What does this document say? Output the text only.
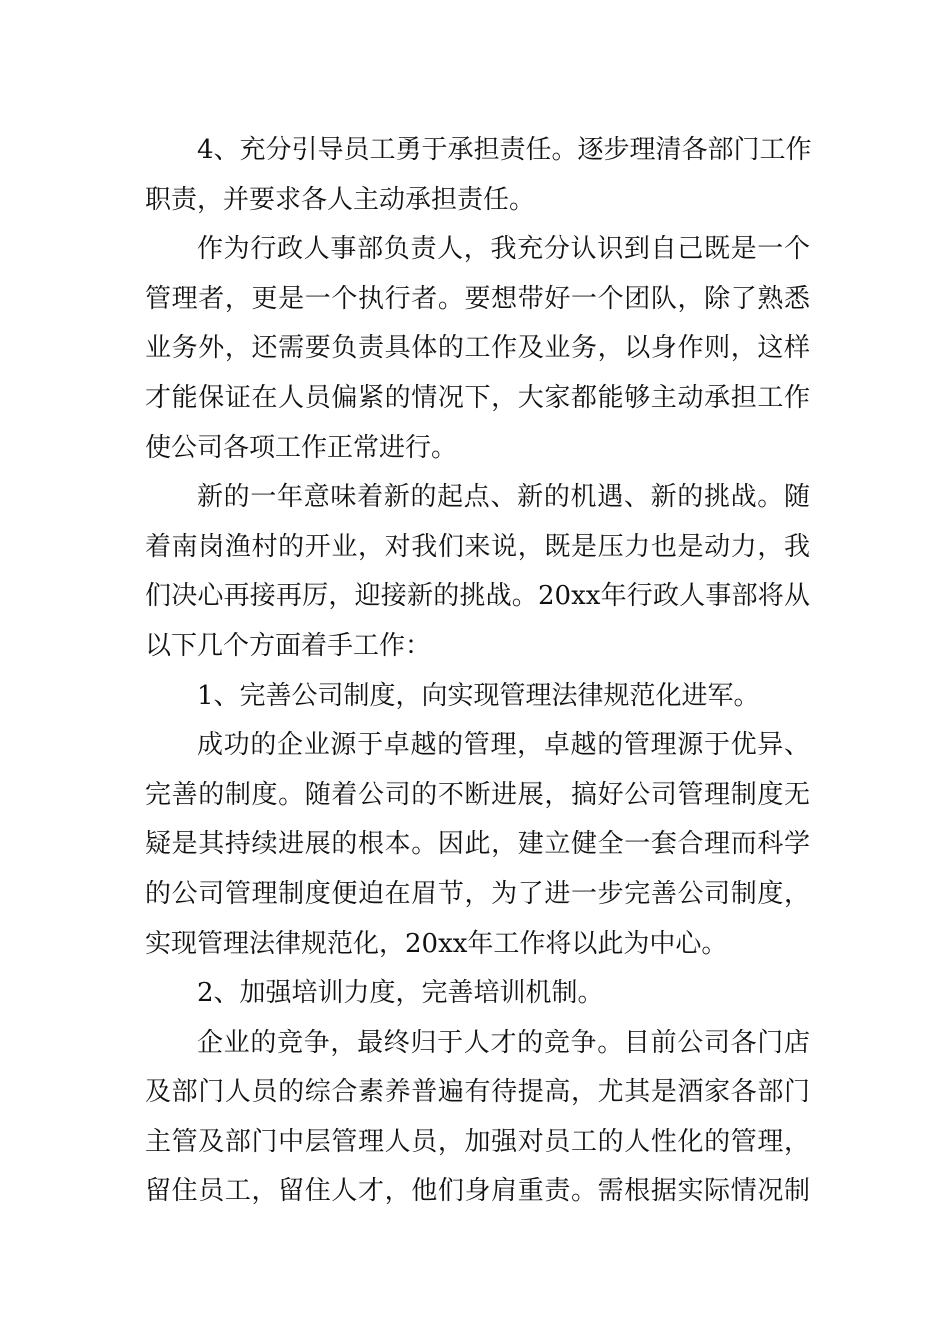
4、充分引导员工勇于承担责任。逐步理清各部门工作
职责，并要求各人主动承担责任。
作为行政人事部负责人，我充分认识到自己既是一个
管理者，更是一个执行者。要想带好一个团队，除了熟悉
业务外，还需要负责具体的工作及业务，以身作则，这样
才能保证在人员偏紧的情况下，大家都能够主动承担工作
使公司各项工作正常进行。
新的一年意味着新的起点、新的机遇、新的挑战。随
着南岗渔村的开业，对我们来说，既是压力也是动力，我
们决心再接再厉，迎接新的挑战。20xx年行政人事部将从
以下几个方面着手工作：
1、完善公司制度，向实现管理法律规范化进军。
成功的企业源于卓越的管理，卓越的管理源于优异、
完善的制度。随着公司的不断进展，搞好公司管理制度无
疑是其持续进展的根本。因此，建立健全一套合理而科学
的公司管理制度便迫在眉节，为了进一步完善公司制度，
实现管理法律规范化，20xx年工作将以此为中心。
2、加强培训力度，完善培训机制。
企业的竞争，最终归于人才的竞争。目前公司各门店
及部门人员的综合素养普遍有待提高，尤其是酒家各部门
主管及部门中层管理人员，加强对员工的人性化的管理，
留住员工，留住人才，他们身肩重责。需根据实际情况制
